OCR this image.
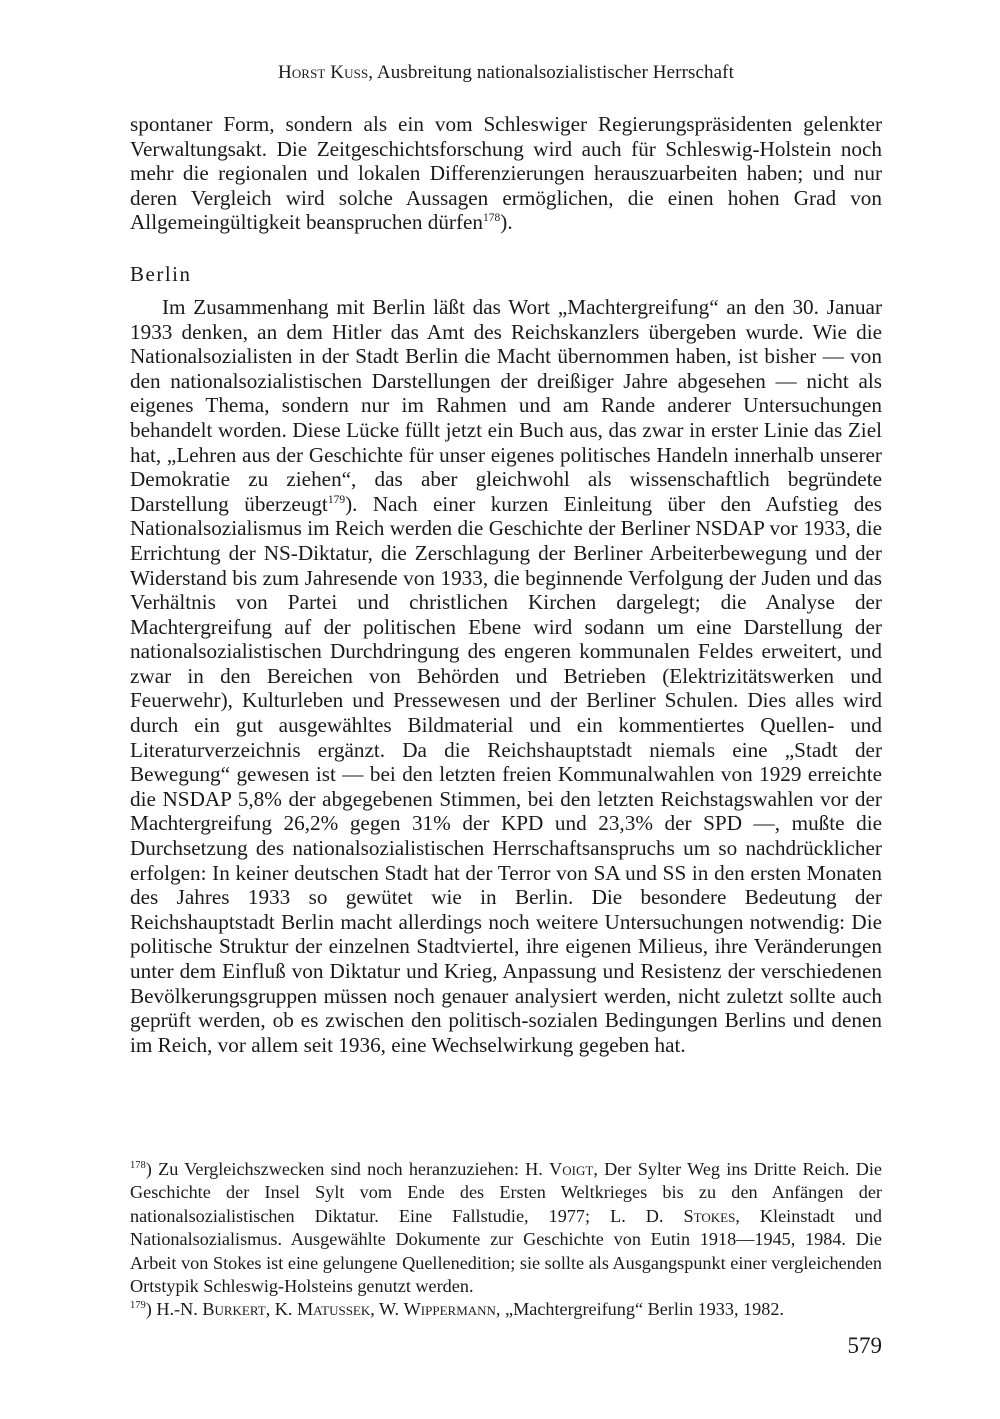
Horst Kuss, Ausbreitung nationalsozialistischer Herrschaft

spontaner Form, sondern als ein vom Schleswiger Regierungspräsidenten gelenkter Verwaltungsakt. Die Zeitgeschichtsforschung wird auch für Schleswig-Holstein noch mehr die regionalen und lokalen Differenzierungen herauszuarbeiten haben; und nur deren Vergleich wird solche Aussagen ermöglichen, die einen hohen Grad von Allgemeingültigkeit beanspruchen dürfen$^{178}$).

Berlin

Im Zusammenhang mit Berlin läßt das Wort „Machtergreifung“ an den 30. Januar 1933 denken, an dem Hitler das Amt des Reichskanzlers übergeben wurde. Wie die Nationalsozialisten in der Stadt Berlin die Macht übernommen haben, ist bisher — von den nationalsozialistischen Darstellungen der dreißiger Jahre abgesehen — nicht als eigenes Thema, sondern nur im Rahmen und am Rande anderer Untersuchungen behandelt worden. Diese Lücke füllt jetzt ein Buch aus, das zwar in erster Linie das Ziel hat, „Lehren aus der Geschichte für unser eigenes politisches Handeln innerhalb unserer Demokratie zu ziehen“, das aber gleichwohl als wissenschaftlich begründete Darstellung überzeugt$^{179}$). Nach einer kurzen Einleitung über den Aufstieg des Nationalsozialismus im Reich werden die Geschichte der Berliner NSDAP vor 1933, die Errichtung der NS-Diktatur, die Zerschlagung der Berliner Arbeiterbewegung und der Widerstand bis zum Jahresende von 1933, die beginnende Verfolgung der Juden und das Verhältnis von Partei und christlichen Kirchen dargelegt; die Analyse der Machtergreifung auf der politischen Ebene wird sodann um eine Darstellung der nationalsozialistischen Durchdringung des engeren kommunalen Feldes erweitert, und zwar in den Bereichen von Behörden und Betrieben (Elektrizitätswerken und Feuerwehr), Kulturleben und Pressewesen und der Berliner Schulen. Dies alles wird durch ein gut ausgewähltes Bildmaterial und ein kommentiertes Quellen- und Literaturverzeichnis ergänzt. Da die Reichshauptstadt niemals eine „Stadt der Bewegung“ gewesen ist — bei den letzten freien Kommunalwahlen von 1929 erreichte die NSDAP 5,8% der abgegebenen Stimmen, bei den letzten Reichstagswahlen vor der Machtergreifung 26,2% gegen 31% der KPD und 23,3% der SPD —, mußte die Durchsetzung des nationalsozialistischen Herrschaftsanspruchs um so nachdrücklicher erfolgen: In keiner deutschen Stadt hat der Terror von SA und SS in den ersten Monaten des Jahres 1933 so gewütet wie in Berlin. Die besondere Bedeutung der Reichshauptstadt Berlin macht allerdings noch weitere Untersuchungen notwendig: Die politische Struktur der einzelnen Stadtviertel, ihre eigenen Milieus, ihre Veränderungen unter dem Einfluß von Diktatur und Krieg, Anpassung und Resistenz der verschiedenen Bevölkerungsgruppen müssen noch genauer analysiert werden, nicht zuletzt sollte auch geprüft werden, ob es zwischen den politisch-sozialen Bedingungen Berlins und denen im Reich, vor allem seit 1936, eine Wechselwirkung gegeben hat.

$^{178}$) Zu Vergleichszwecken sind noch heranzuziehen: H. Voigt, Der Sylter Weg ins Dritte Reich. Die Geschichte der Insel Sylt vom Ende des Ersten Weltkrieges bis zu den Anfängen der nationalsozialistischen Diktatur. Eine Fallstudie, 1977; L. D. Stokes, Kleinstadt und Nationalsozialismus. Ausgewählte Dokumente zur Geschichte von Eutin 1918—1945, 1984. Die Arbeit von Stokes ist eine gelungene Quellenedition; sie sollte als Ausgangspunkt einer vergleichenden Ortstypik Schleswig-Holsteins genutzt werden.

$^{179}$) H.-N. Burkert, K. Matussek, W. Wippermann, „Machtergreifung“ Berlin 1933, 1982.

579
